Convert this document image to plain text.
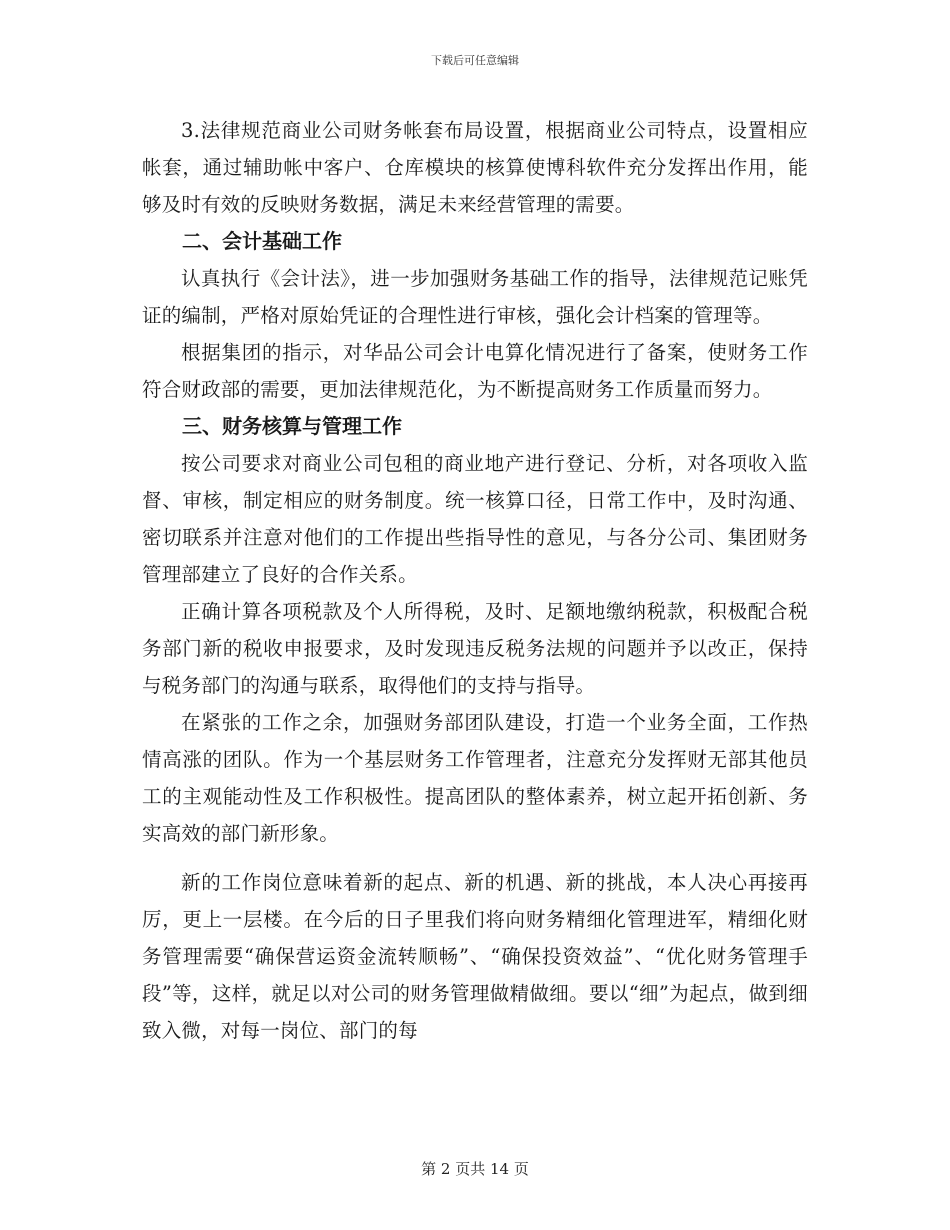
下载后可任意编辑

3.法律规范商业公司财务帐套布局设置，根据商业公司特点，设置相应帐套，通过辅助帐中客户、仓库模块的核算使博科软件充分发挥出作用，能够及时有效的反映财务数据，满足未来经营管理的需要。

二、会计基础工作

认真执行《会计法》，进一步加强财务基础工作的指导，法律规范记账凭证的编制，严格对原始凭证的合理性进行审核，强化会计档案的管理等。

根据集团的指示，对华品公司会计电算化情况进行了备案，使财务工作符合财政部的需要，更加法律规范化，为不断提高财务工作质量而努力。

三、财务核算与管理工作

按公司要求对商业公司包租的商业地产进行登记、分析，对各项收入监督、审核，制定相应的财务制度。统一核算口径，日常工作中，及时沟通、密切联系并注意对他们的工作提出些指导性的意见，与各分公司、集团财务管理部建立了良好的合作关系。

正确计算各项税款及个人所得税，及时、足额地缴纳税款，积极配合税务部门新的税收申报要求，及时发现违反税务法规的问题并予以改正，保持与税务部门的沟通与联系，取得他们的支持与指导。

在紧张的工作之余，加强财务部团队建设，打造一个业务全面，工作热情高涨的团队。作为一个基层财务工作管理者，注意充分发挥财无部其他员工的主观能动性及工作积极性。提高团队的整体素养，树立起开拓创新、务实高效的部门新形象。

新的工作岗位意味着新的起点、新的机遇、新的挑战，本人决心再接再厉，更上一层楼。在今后的日子里我们将向财务精细化管理进军，精细化财务管理需要“确保营运资金流转顺畅”、“确保投资效益”、“优化财务管理手段”等，这样，就足以对公司的财务管理做精做细。要以“细”为起点，做到细致入微，对每一岗位、部门的每

第 2 页共 14 页
